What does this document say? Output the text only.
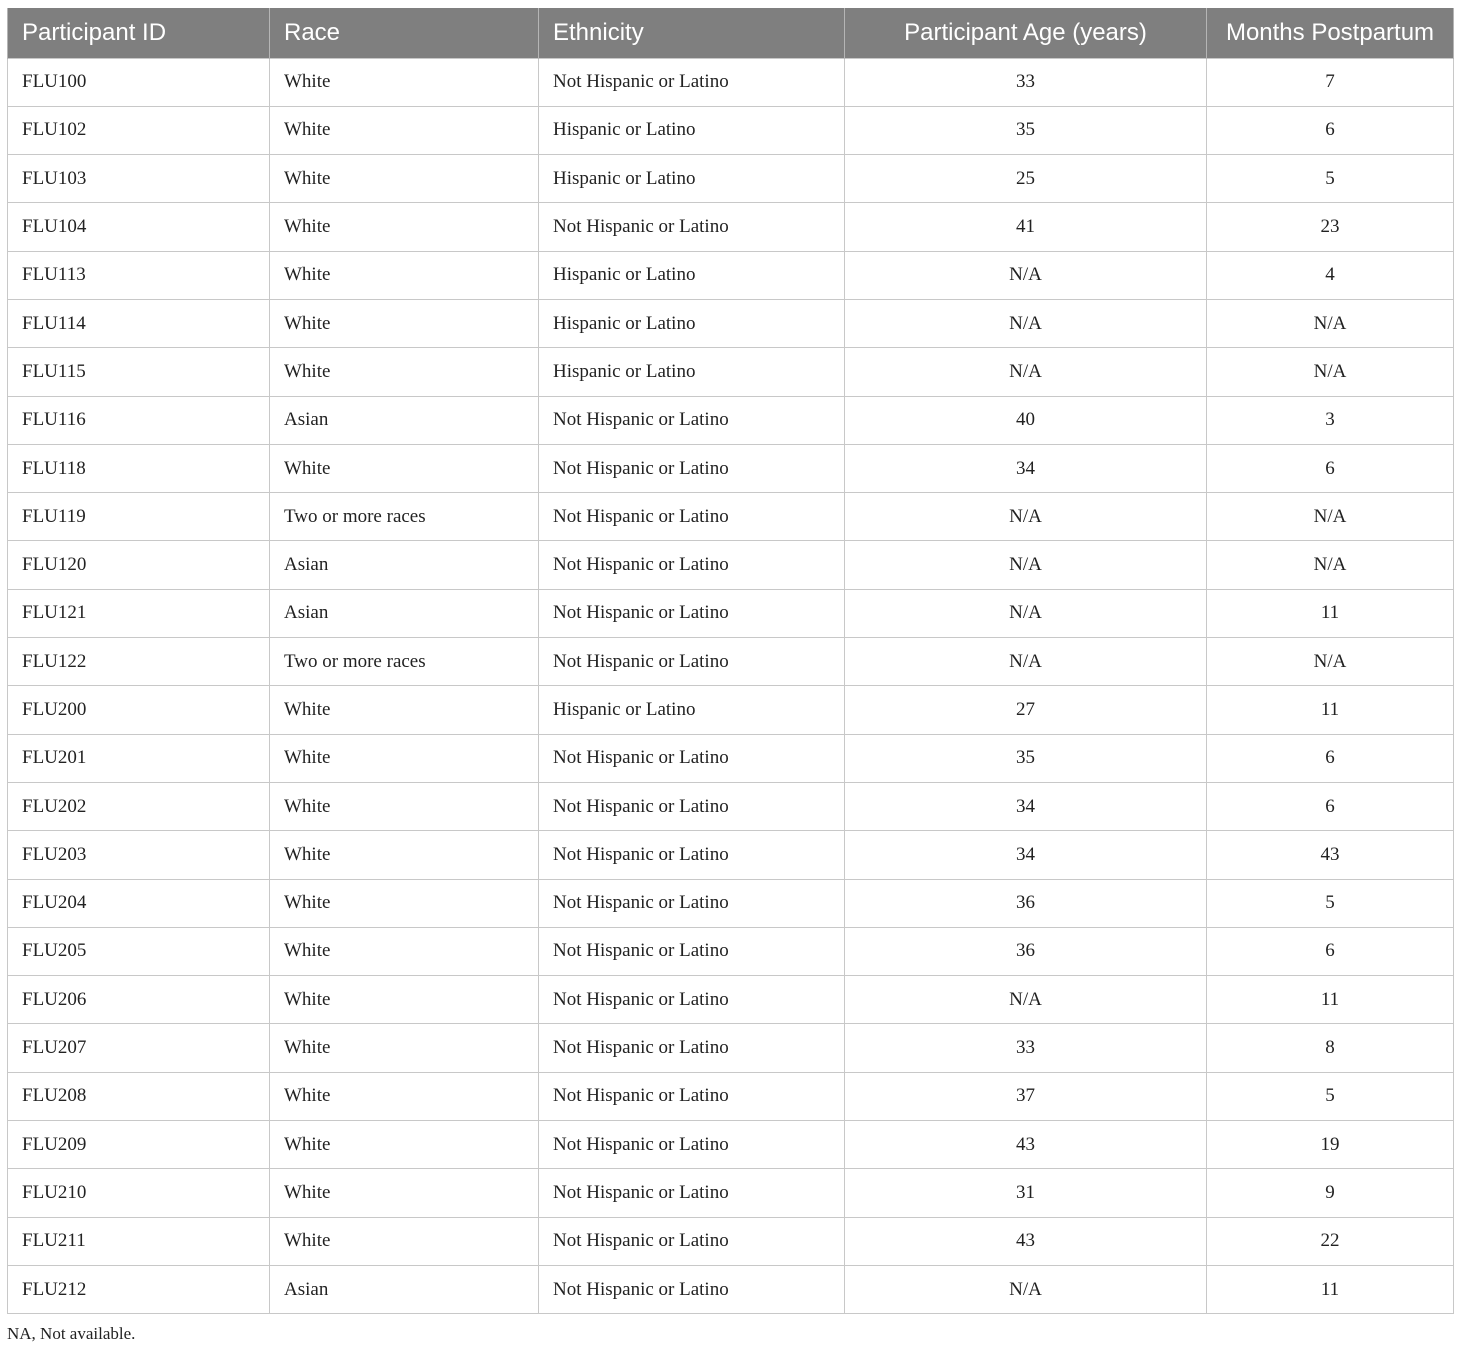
Participant ID	Race	Ethnicity	Participant Age (years)	Months Postpartum
FLU100	White	Not Hispanic or Latino	33	7
FLU102	White	Hispanic or Latino	35	6
FLU103	White	Hispanic or Latino	25	5
FLU104	White	Not Hispanic or Latino	41	23
FLU113	White	Hispanic or Latino	N/A	4
FLU114	White	Hispanic or Latino	N/A	N/A
FLU115	White	Hispanic or Latino	N/A	N/A
FLU116	Asian	Not Hispanic or Latino	40	3
FLU118	White	Not Hispanic or Latino	34	6
FLU119	Two or more races	Not Hispanic or Latino	N/A	N/A
FLU120	Asian	Not Hispanic or Latino	N/A	N/A
FLU121	Asian	Not Hispanic or Latino	N/A	11
FLU122	Two or more races	Not Hispanic or Latino	N/A	N/A
FLU200	White	Hispanic or Latino	27	11
FLU201	White	Not Hispanic or Latino	35	6
FLU202	White	Not Hispanic or Latino	34	6
FLU203	White	Not Hispanic or Latino	34	43
FLU204	White	Not Hispanic or Latino	36	5
FLU205	White	Not Hispanic or Latino	36	6
FLU206	White	Not Hispanic or Latino	N/A	11
FLU207	White	Not Hispanic or Latino	33	8
FLU208	White	Not Hispanic or Latino	37	5
FLU209	White	Not Hispanic or Latino	43	19
FLU210	White	Not Hispanic or Latino	31	9
FLU211	White	Not Hispanic or Latino	43	22
FLU212	Asian	Not Hispanic or Latino	N/A	11
NA, Not available.
